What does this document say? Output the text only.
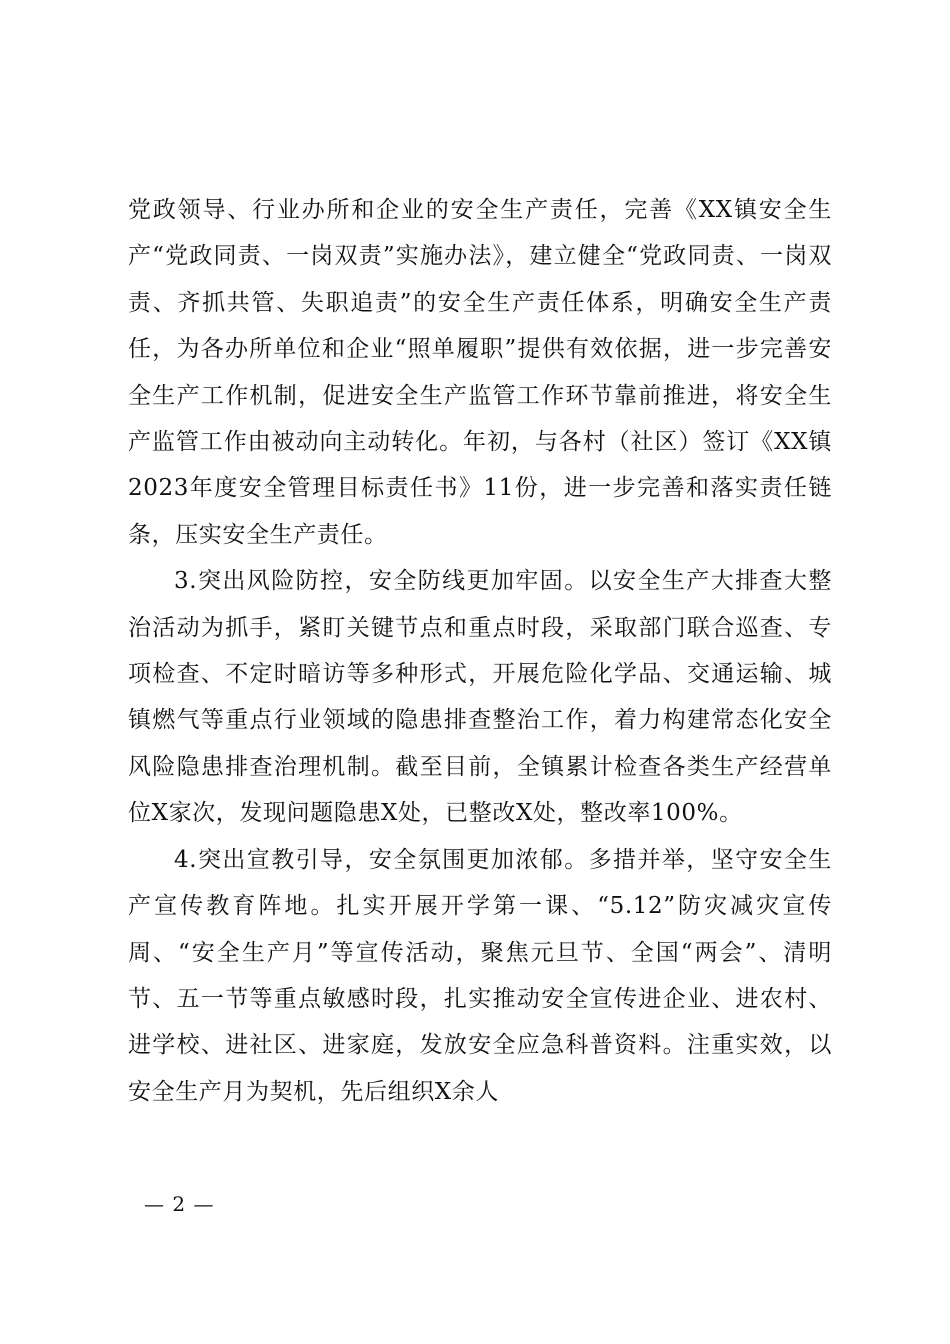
党政领导、行业办所和企业的安全生产责任，完善《XX镇安全生产“党政同责、一岗双责”实施办法》，建立健全“党政同责、一岗双责、齐抓共管、失职追责”的安全生产责任体系，明确安全生产责任，为各办所单位和企业“照单履职”提供有效依据，进一步完善安全生产工作机制，促进安全生产监管工作环节靠前推进，将安全生产监管工作由被动向主动转化。年初，与各村（社区）签订《XX镇2023年度安全管理目标责任书》11份，进一步完善和落实责任链条，压实安全生产责任。

3.突出风险防控，安全防线更加牢固。以安全生产大排查大整治活动为抓手，紧盯关键节点和重点时段，采取部门联合巡查、专项检查、不定时暗访等多种形式，开展危险化学品、交通运输、城镇燃气等重点行业领域的隐患排查整治工作，着力构建常态化安全风险隐患排查治理机制。截至目前，全镇累计检查各类生产经营单位X家次，发现问题隐患X处，已整改X处，整改率100%。

4.突出宣教引导，安全氛围更加浓郁。多措并举，坚守安全生产宣传教育阵地。扎实开展开学第一课、“5.12”防灾减灾宣传周、“安全生产月”等宣传活动，聚焦元旦节、全国“两会”、清明节、五一节等重点敏感时段，扎实推动安全宣传进企业、进农村、进学校、进社区、进家庭，发放安全应急科普资料。注重实效，以安全生产月为契机，先后组织X余人

— 2 —
